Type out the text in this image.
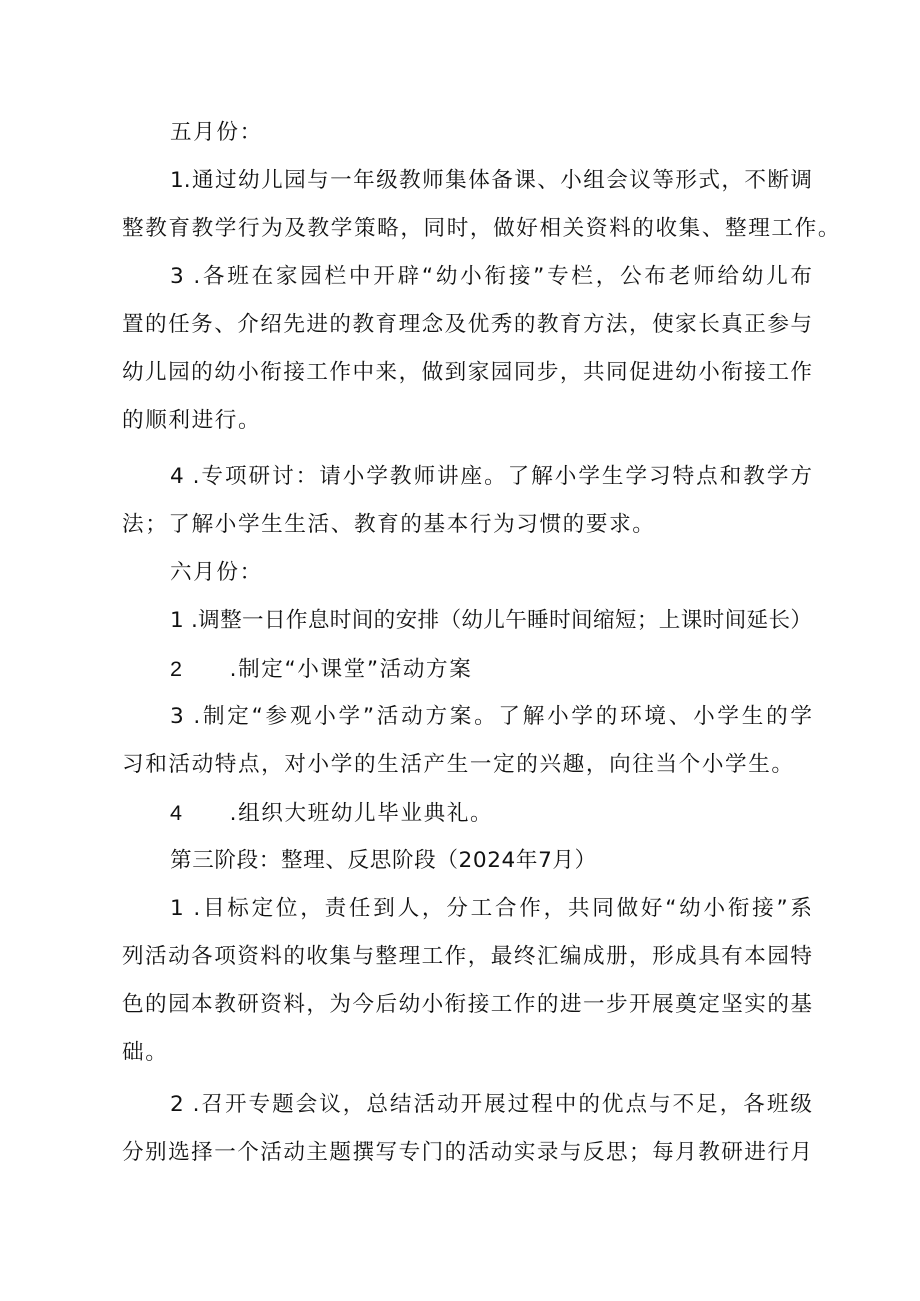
五月份：
1.通过幼儿园与一年级教师集体备课、小组会议等形式，不断调
整教育教学行为及教学策略，同时，做好相关资料的收集、整理工作。
3 .各班在家园栏中开辟“幼小衔接”专栏，公布老师给幼儿布
置的任务、介绍先进的教育理念及优秀的教育方法，使家长真正参与
幼儿园的幼小衔接工作中来，做到家园同步，共同促进幼小衔接工作
的顺利进行。
4 .专项研讨：请小学教师讲座。了解小学生学习特点和教学方
法；了解小学生生活、教育的基本行为习惯的要求。
六月份：
1 .调整一日作息时间的安排（幼儿午睡时间缩短；上课时间延长）
2 .制定“小课堂”活动方案
3 .制定“参观小学”活动方案。了解小学的环境、小学生的学
习和活动特点，对小学的生活产生一定的兴趣，向往当个小学生。
4 .组织大班幼儿毕业典礼。
第三阶段：整理、反思阶段（2024年7月）
1 .目标定位，责任到人，分工合作，共同做好“幼小衔接”系
列活动各项资料的收集与整理工作，最终汇编成册，形成具有本园特
色的园本教研资料，为今后幼小衔接工作的进一步开展奠定坚实的基
础。
2 .召开专题会议，总结活动开展过程中的优点与不足，各班级
分别选择一个活动主题撰写专门的活动实录与反思；每月教研进行月
